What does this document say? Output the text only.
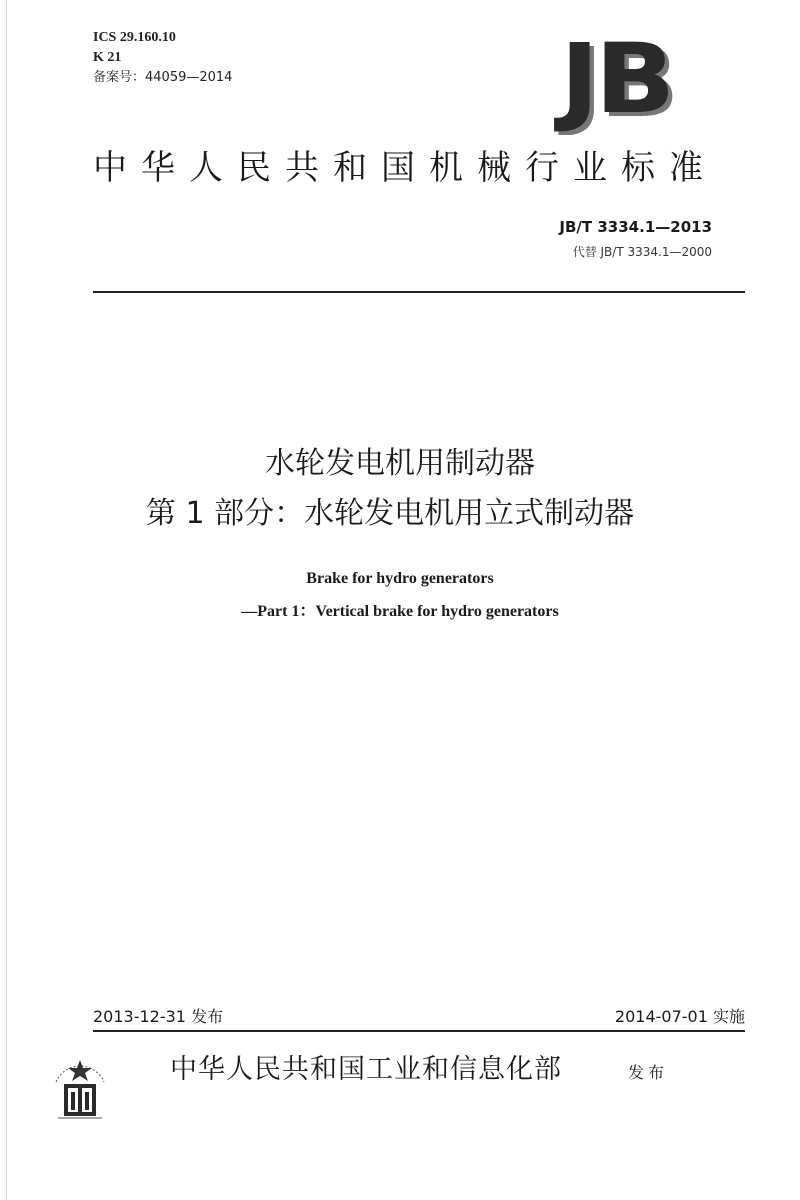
ICS 29.160.10
K 21
备案号：44059—2014	JB
中华人民共和国机械行业标准
JB/T 3334.1—2013
代替 JB/T 3334.1—2000
水轮发电机用制动器
第 1 部分：水轮发电机用立式制动器
Brake for hydro generators
—Part 1：Vertical brake for hydro generators
2013-12-31 发布	2014-07-01 实施
中华人民共和国工业和信息化部	发布
